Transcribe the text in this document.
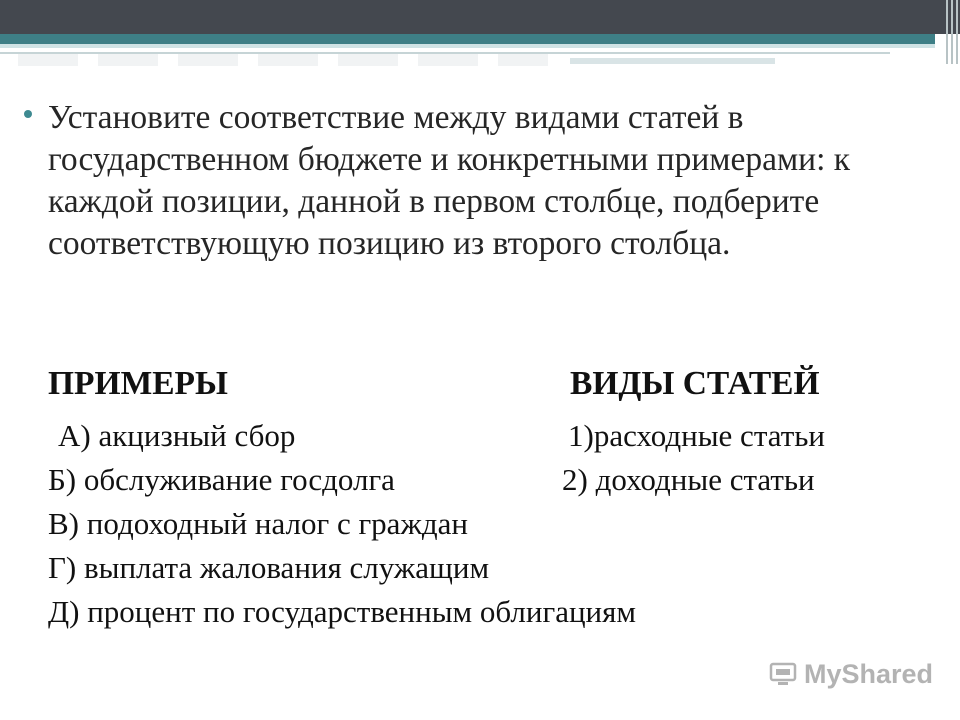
Установите соответствие между видами статей в государственном бюджете и конкретными примерами: к каждой позиции, данной в первом столбце, подберите соответствующую позицию из второго столбца.
ПРИМЕРЫ	ВИДЫ СТАТЕЙ
А) акцизный сбор	1)расходные статьи
Б) обслуживание госдолга	2) доходные статьи
В) подоходный налог с граждан
Г) выплата жалования служащим
Д) процент по государственным облигациям
MyShared
